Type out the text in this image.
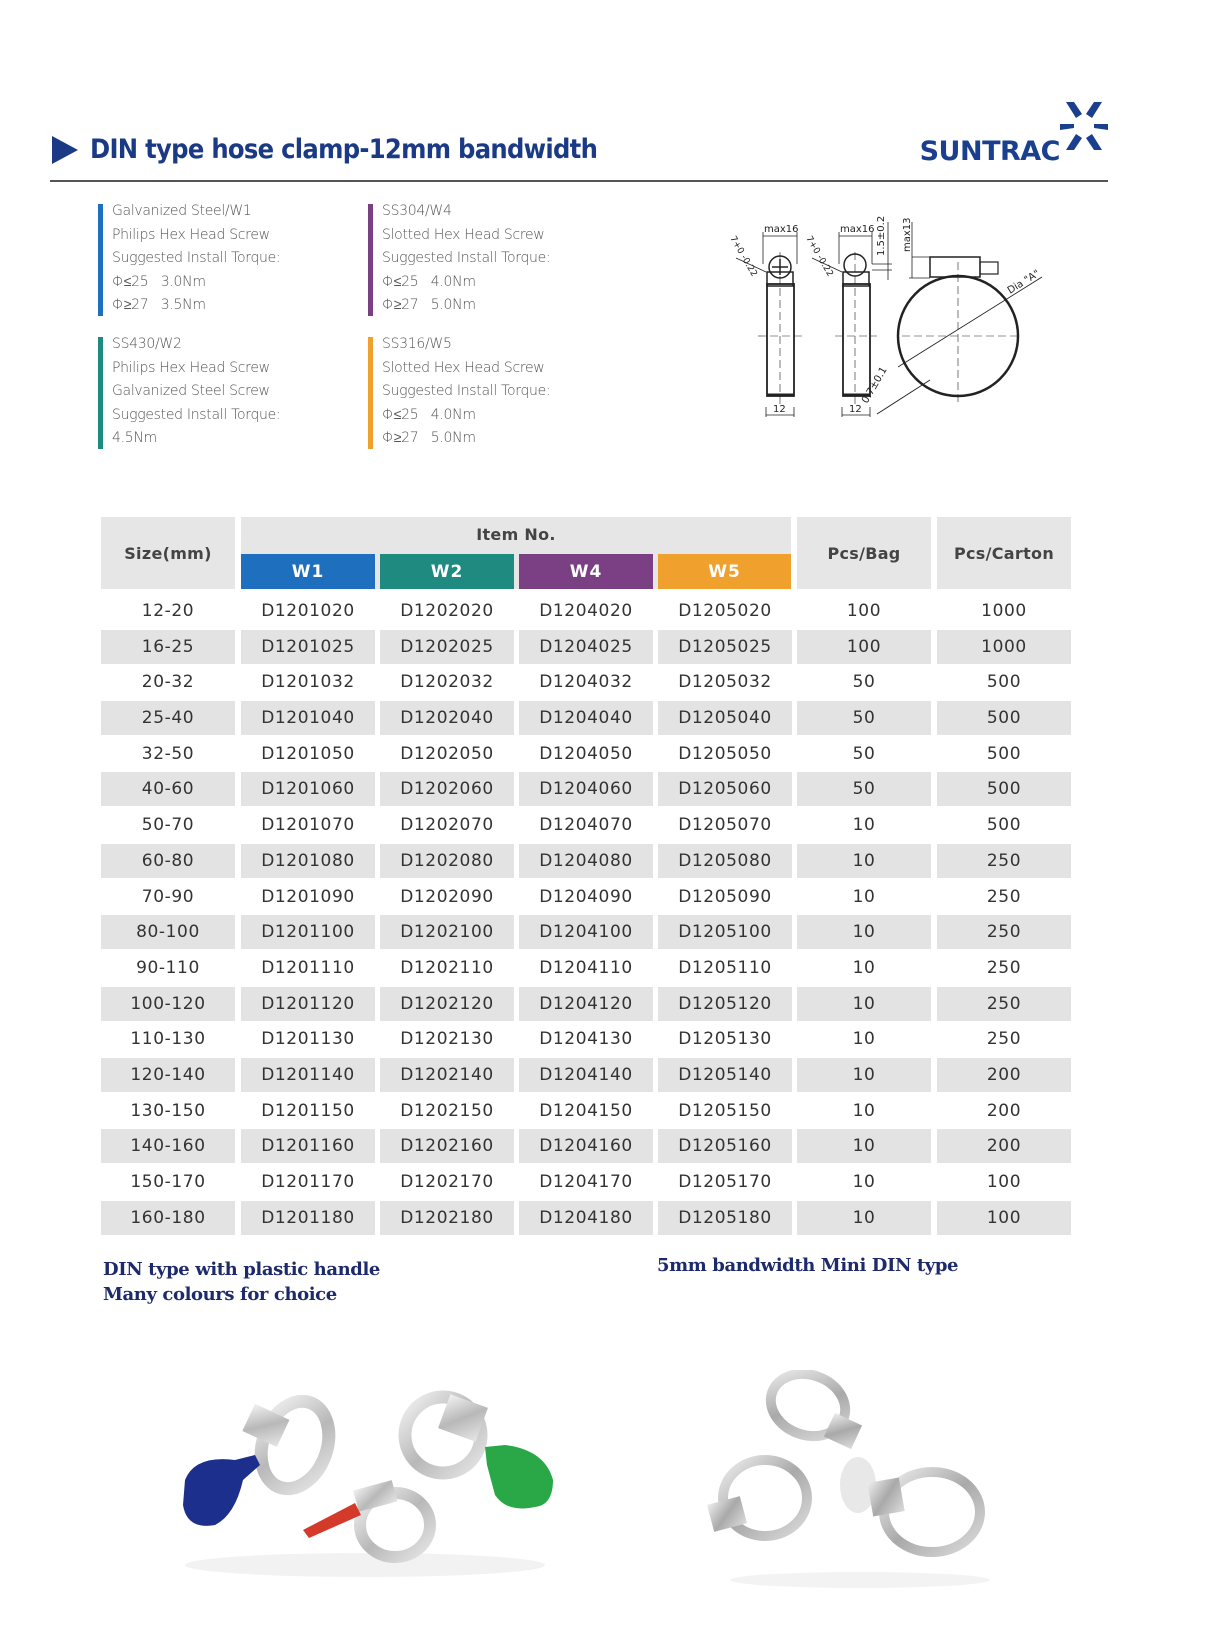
DIN type hose clamp-12mm bandwidth	SUNTRAC
Galvanized Steel/W1
Philips Hex Head Screw
Suggested Install Torque:
Φ≤25   3.0Nm
Φ≥27   3.5Nm
SS304/W4
Slotted Hex Head Screw
Suggested Install Torque:
Φ≤25   4.0Nm
Φ≥27   5.0Nm
SS430/W2
Philips Hex Head Screw
Galvanized Steel Screw
Suggested Install Torque:
4.5Nm
SS316/W5
Slotted Hex Head Screw
Suggested Install Torque:
Φ≤25   4.0Nm
Φ≥27   5.0Nm
max16
12
7+0 -0.22
max16
12
7+0 -0.22	1.5±0.2 max13
Dia "A"
0.7±0.1
Size(mm)
Item No.
W1	W2	W4	W5
Pcs/Bag	Pcs/Carton
12-20	D1201020	D1202020	D1204020	D1205020	100	1000
16-25	D1201025	D1202025	D1204025	D1205025	100	1000
20-32	D1201032	D1202032	D1204032	D1205032	50	500
25-40	D1201040	D1202040	D1204040	D1205040	50	500
32-50	D1201050	D1202050	D1204050	D1205050	50	500
40-60	D1201060	D1202060	D1204060	D1205060	50	500
50-70	D1201070	D1202070	D1204070	D1205070	10	500
60-80	D1201080	D1202080	D1204080	D1205080	10	250
70-90	D1201090	D1202090	D1204090	D1205090	10	250
80-100	D1201100	D1202100	D1204100	D1205100	10	250
90-110	D1201110	D1202110	D1204110	D1205110	10	250
100-120	D1201120	D1202120	D1204120	D1205120	10	250
110-130	D1201130	D1202130	D1204130	D1205130	10	250
120-140	D1201140	D1202140	D1204140	D1205140	10	200
130-150	D1201150	D1202150	D1204150	D1205150	10	200
140-160	D1201160	D1202160	D1204160	D1205160	10	200
150-170	D1201170	D1202170	D1204170	D1205170	10	100
160-180	D1201180	D1202180	D1204180	D1205180	10	100
DIN type with plastic handle
Many colours for choice
5mm bandwidth Mini DIN type
